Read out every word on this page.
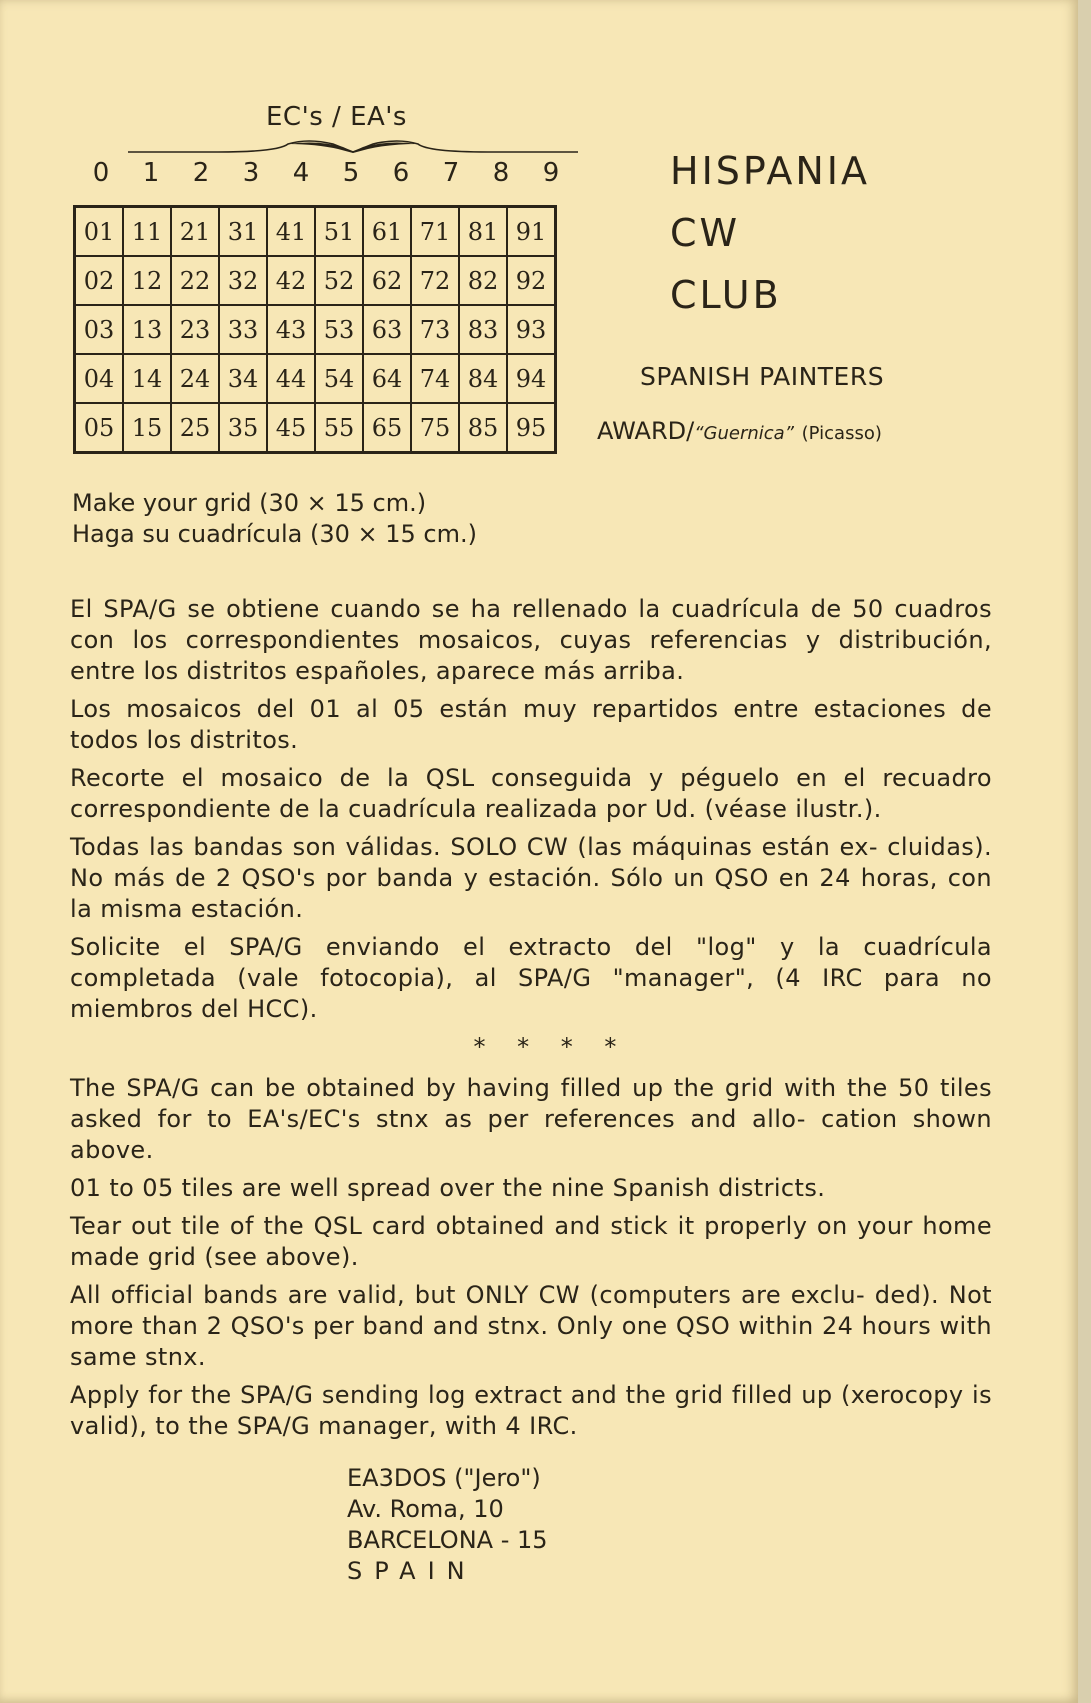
EC's / EA's
0	1	2	3	4	5	6	7	8	9
01	11	21	31	41	51	61	71	81	91
02	12	22	32	42	52	62	72	82	92
03	13	23	33	43	53	63	73	83	93
04	14	24	34	44	54	64	74	84	94
05	15	25	35	45	55	65	75	85	95
HISPANIA
CW
CLUB
SPANISH PAINTERS
AWARD/“Guernica” (Picasso)
Make your grid (30 × 15 cm.)
Haga su cuadrícula (30 × 15 cm.)

El SPA/G se obtiene cuando se ha rellenado la cuadrícula de 50 cuadros con los correspondientes mosaicos, cuyas referencias y distribución, entre los distritos españoles, aparece más arriba.

Los mosaicos del 01 al 05 están muy repartidos entre estaciones de todos los distritos.

Recorte el mosaico de la QSL conseguida y péguelo en el recuadro correspondiente de la cuadrícula realizada por Ud. (véase ilustr.).

Todas las bandas son válidas. SOLO CW (las máquinas están ex- cluidas). No más de 2 QSO's por banda y estación. Sólo un QSO en 24 horas, con la misma estación.

Solicite el SPA/G enviando el extracto del "log" y la cuadrícula completada (vale fotocopia), al SPA/G "manager", (4 IRC para no miembros del HCC).

* * * *

The SPA/G can be obtained by having filled up the grid with the 50 tiles asked for to EA's/EC's stnx as per references and allo- cation shown above.

01 to 05 tiles are well spread over the nine Spanish districts.

Tear out tile of the QSL card obtained and stick it properly on your home made grid (see above).

All official bands are valid, but ONLY CW (computers are exclu- ded). Not more than 2 QSO's per band and stnx. Only one QSO within 24 hours with same stnx.

Apply for the SPA/G sending log extract and the grid filled up (xerocopy is valid), to the SPA/G manager, with 4 IRC.

EA3DOS ("Jero")
Av. Roma, 10
BARCELONA - 15
SPAIN
